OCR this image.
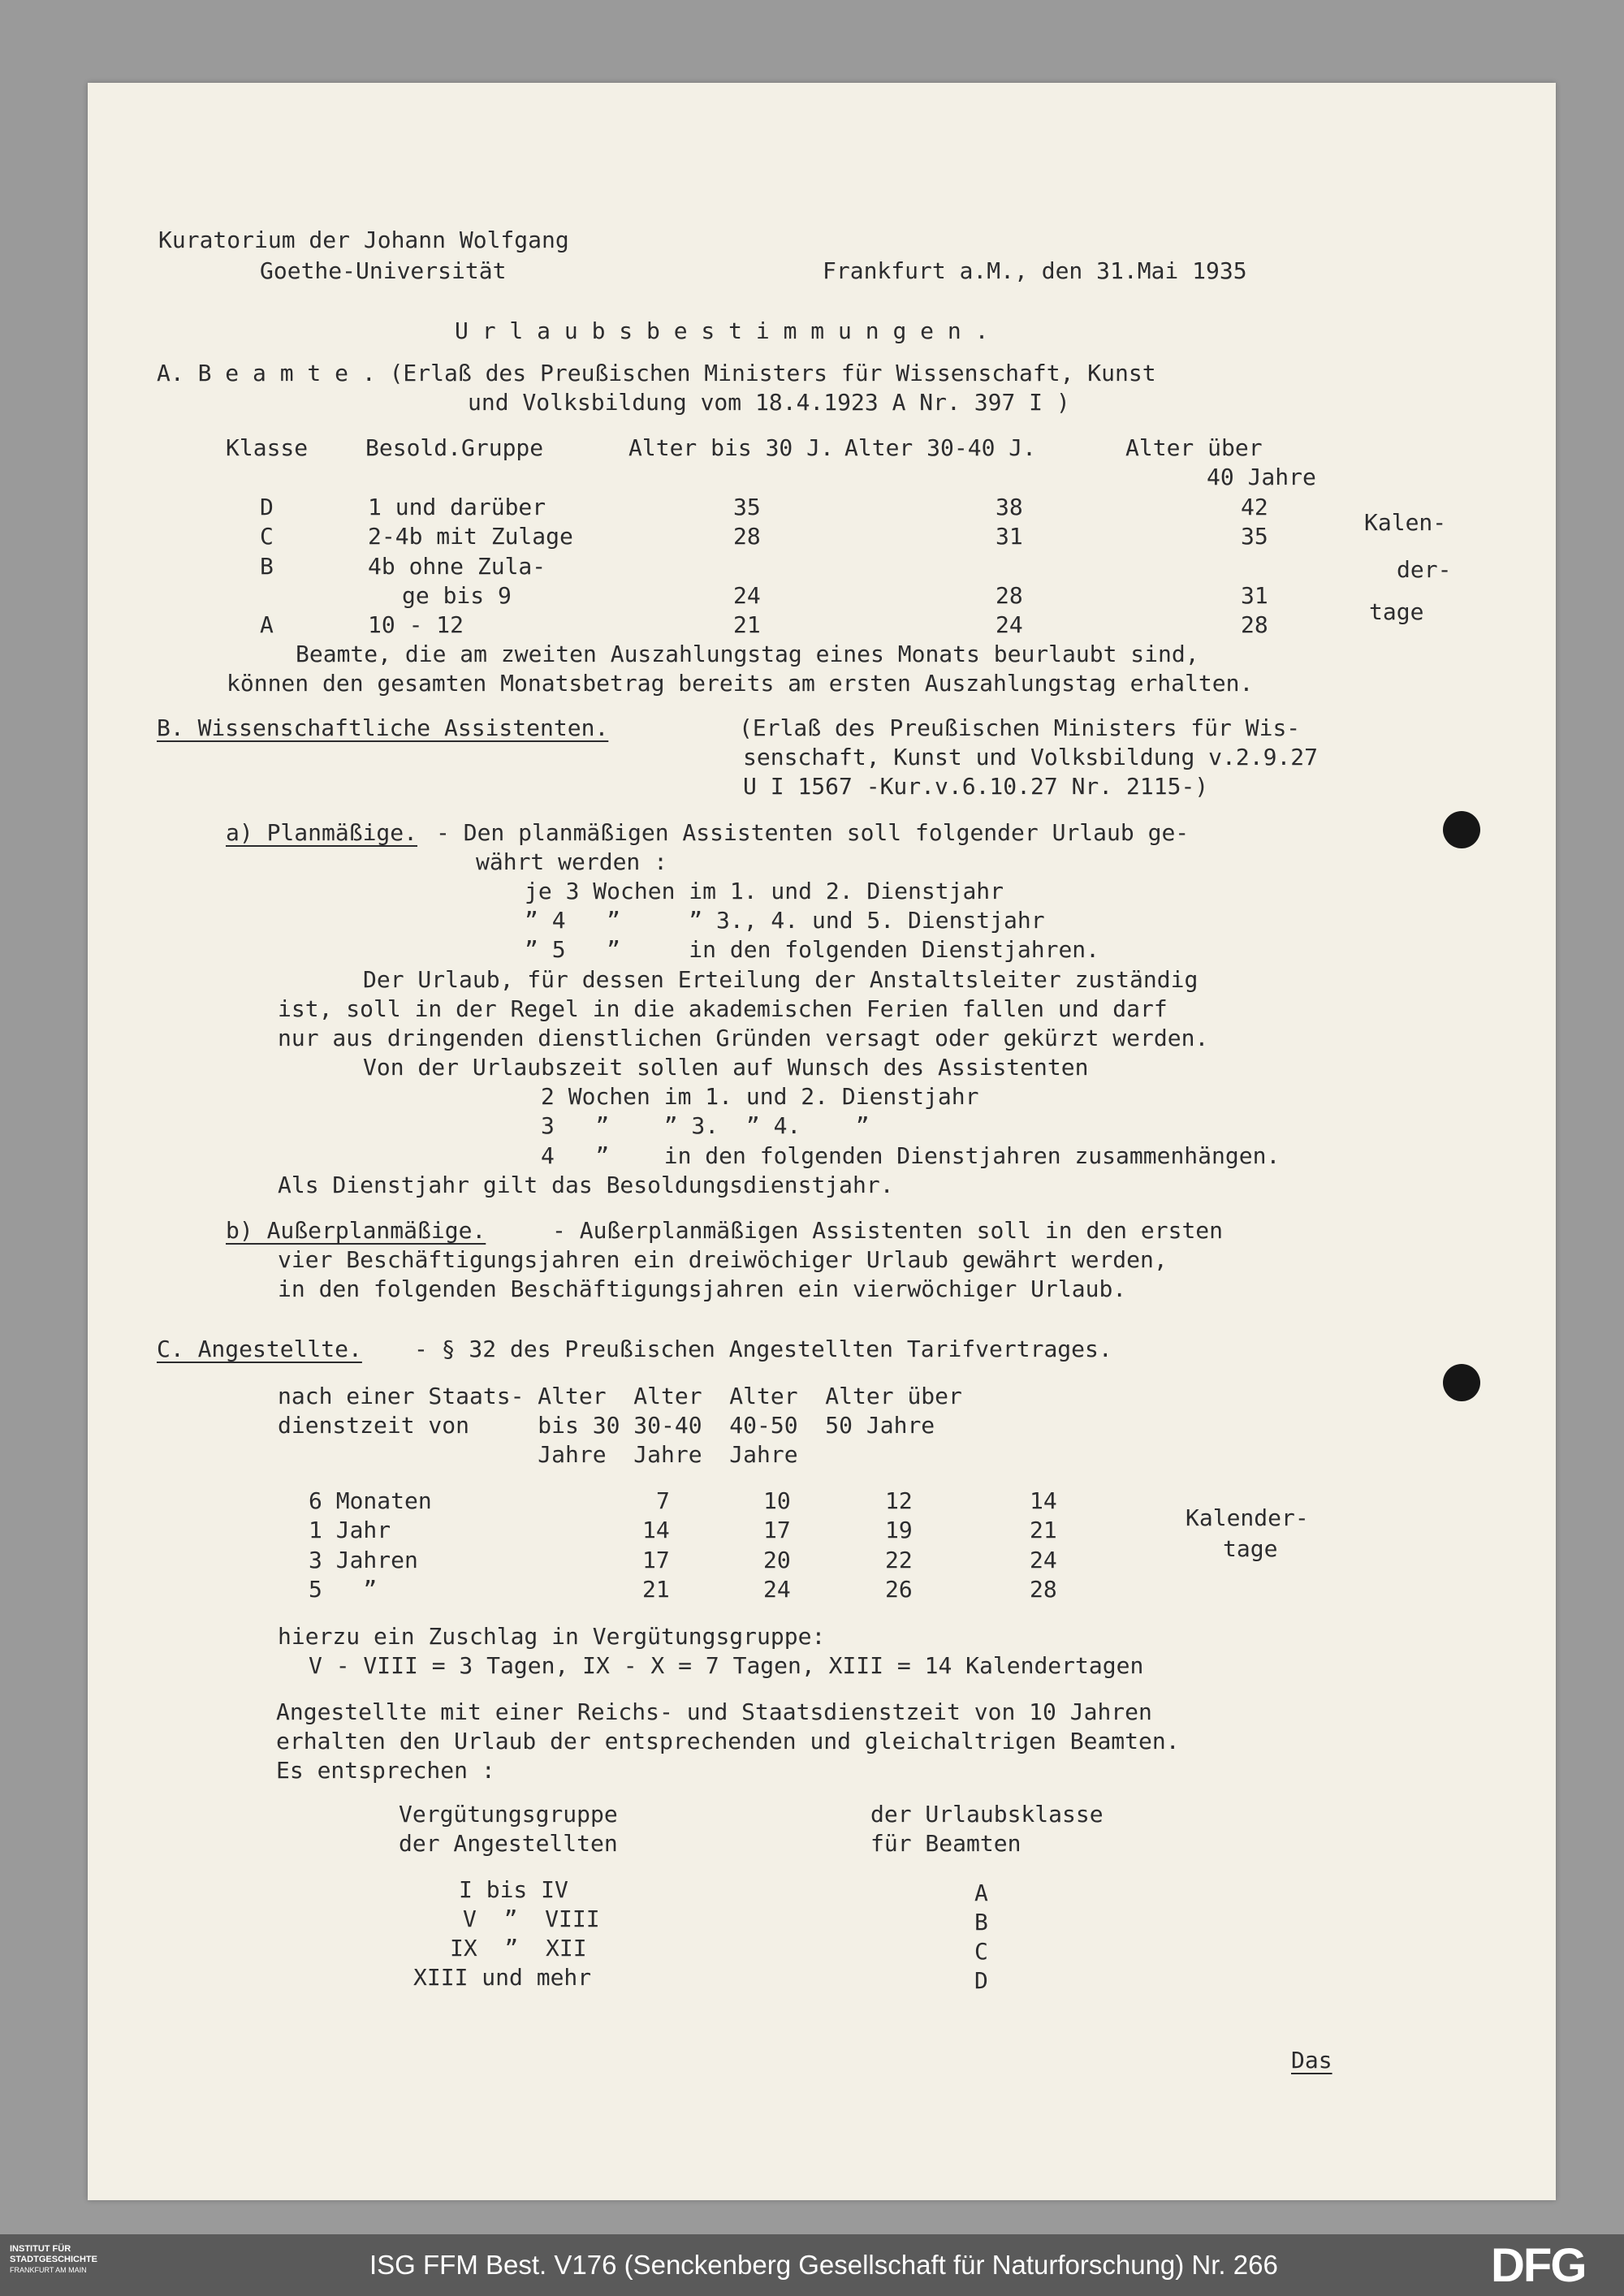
Kuratorium der Johann Wolfgang
Goethe-Universität	Frankfurt a.M., den 31.Mai 1935
U r l a u b s b e s t i m m u n g e n .
A. B e a m t e . (Erlaß des Preußischen Ministers für Wissenschaft, Kunst
und Volksbildung vom 18.4.1923 A Nr. 397 I )
Klasse	Besold.Gruppe	Alter bis 30 J. Alter 30-40 J.	Alter über
40 Jahre
D	1 und darüber	35	38	42
C	2-4b mit Zulage	28	31	35
B	4b ohne Zula-
ge bis 9	24	28	31
A	10 - 12	21	24	28
Kalen-
der-
tage
Beamte, die am zweiten Auszahlungstag eines Monats beurlaubt sind,
können den gesamten Monatsbetrag bereits am ersten Auszahlungstag erhalten.
B. Wissenschaftliche Assistenten.	(Erlaß des Preußischen Ministers für Wis-
senschaft, Kunst und Volksbildung v.2.9.27
U I 1567 -Kur.v.6.10.27 Nr. 2115-)
a) Planmäßige. - Den planmäßigen Assistenten soll folgender Urlaub ge-
währt werden :
je 3 Wochen im 1. und 2. Dienstjahr
” 4   ”     ” 3., 4. und 5. Dienstjahr
” 5   ”     in den folgenden Dienstjahren.
Der Urlaub, für dessen Erteilung der Anstaltsleiter zuständig
ist, soll in der Regel in die akademischen Ferien fallen und darf
nur aus dringenden dienstlichen Gründen versagt oder gekürzt werden.
Von der Urlaubszeit sollen auf Wunsch des Assistenten
2 Wochen im 1. und 2. Dienstjahr
3   ”    ” 3.  ” 4.    ”
4   ”    in den folgenden Dienstjahren zusammenhängen.
Als Dienstjahr gilt das Besoldungsdienstjahr.
b) Außerplanmäßige.	- Außerplanmäßigen Assistenten soll in den ersten
vier Beschäftigungsjahren ein dreiwöchiger Urlaub gewährt werden,
in den folgenden Beschäftigungsjahren ein vierwöchiger Urlaub.
C. Angestellte. - § 32 des Preußischen Angestellten Tarifvertrages.
nach einer Staats- Alter  Alter  Alter  Alter über
dienstzeit von     bis 30 30-40  40-50  50 Jahre
Jahre  Jahre  Jahre
6 Monaten	7	10	12	14
1 Jahr	14	17	19	21
3 Jahren	17	20	22	24
5   ”	21	24	26	28
Kalender-
tage
hierzu ein Zuschlag in Vergütungsgruppe:
V - VIII = 3 Tagen, IX - X = 7 Tagen, XIII = 14 Kalendertagen
Angestellte mit einer Reichs- und Staatsdienstzeit von 10 Jahren
erhalten den Urlaub der entsprechenden und gleichaltrigen Beamten.
Es entsprechen :
Vergütungsgruppe
der Angestellten
der Urlaubsklasse
für Beamten
I bis IV	A
V  ”  VIII	B
IX  ”  XII	C
XIII und mehr	D
Das
INSTITUT FÜR
STADTGESCHICHTE
FRANKFURT AM MAIN	ISG FFM Best. V176 (Senckenberg Gesellschaft für Naturforschung) Nr. 266	DFG
